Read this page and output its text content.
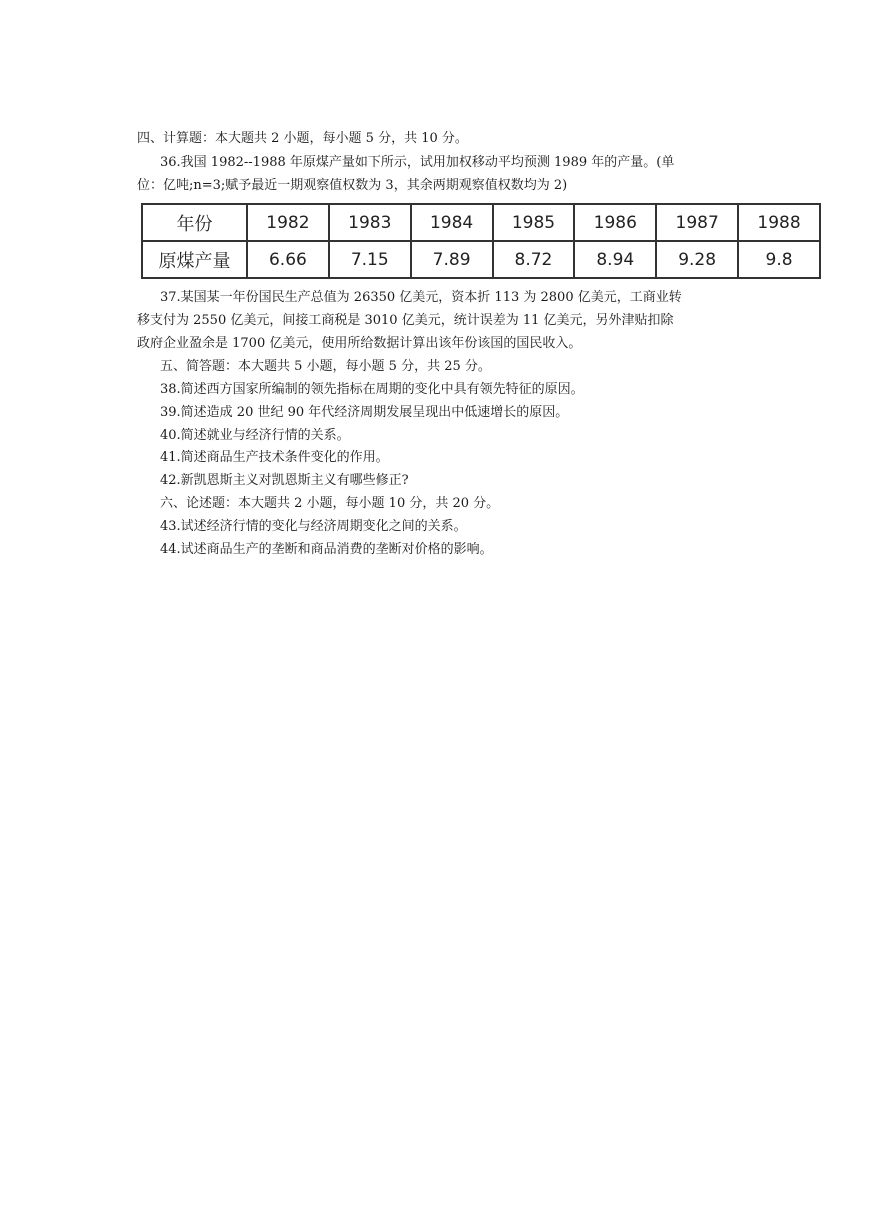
四、计算题：本大题共 2 小题，每小题 5 分，共 10 分。
36.我国 1982--1988 年原煤产量如下所示，试用加权移动平均预测 1989 年的产量。(单
位：亿吨;n=3;赋予最近一期观察值权数为 3，其余两期观察值权数均为 2)
年份	1982	1983	1984	1985	1986	1987	1988
原煤产量	6.66	7.15	7.89	8.72	8.94	9.28	9.8
37.某国某一年份国民生产总值为 26350 亿美元，资本折 113 为 2800 亿美元，工商业转
移支付为 2550 亿美元，间接工商税是 3010 亿美元，统计误差为 11 亿美元，另外津贴扣除
政府企业盈余是 1700 亿美元，使用所给数据计算出该年份该国的国民收入。
五、简答题：本大题共 5 小题，每小题 5 分，共 25 分。
38.简述西方国家所编制的领先指标在周期的变化中具有领先特征的原因。
39.简述造成 20 世纪 90 年代经济周期发展呈现出中低速增长的原因。
40.简述就业与经济行情的关系。
41.简述商品生产技术条件变化的作用。
42.新凯恩斯主义对凯恩斯主义有哪些修正?
六、论述题：本大题共 2 小题，每小题 10 分，共 20 分。
43.试述经济行情的变化与经济周期变化之间的关系。
44.试述商品生产的垄断和商品消费的垄断对价格的影响。
